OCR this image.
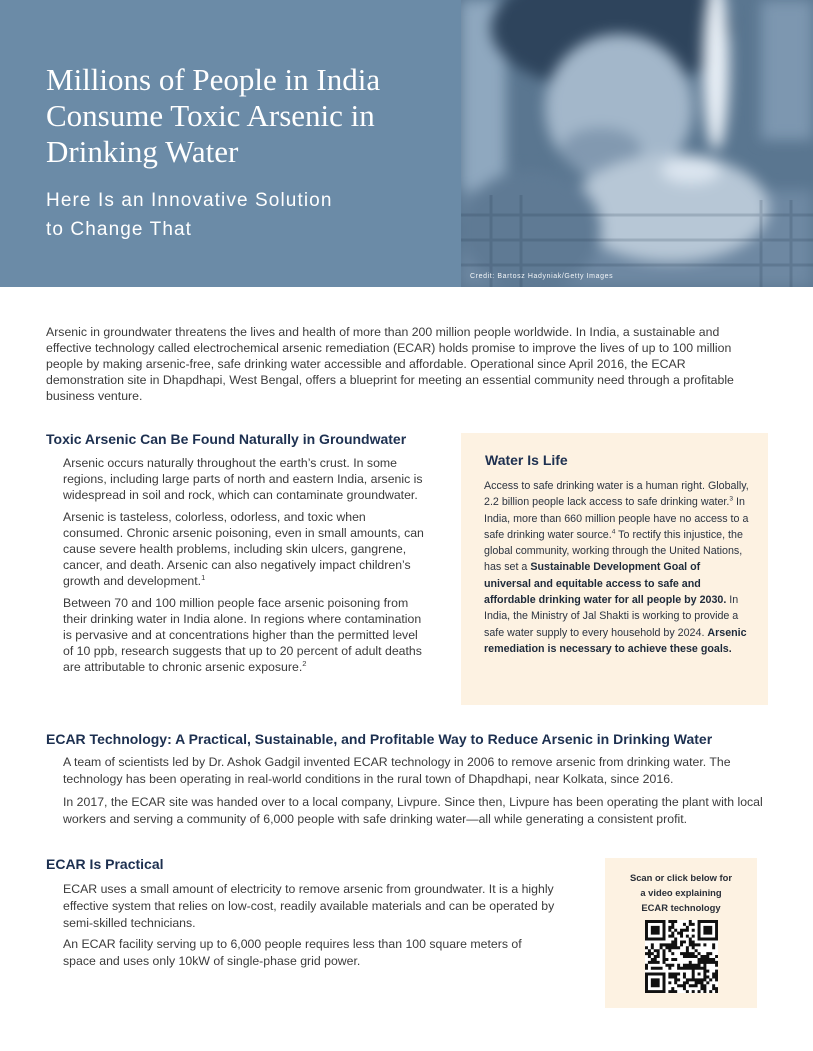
Millions of People in India
Consume Toxic Arsenic in
Drinking Water
Here Is an Innovative Solution
to Change That
Credit: Bartosz Hadyniak/Getty Images
Arsenic in groundwater threatens the lives and health of more than 200 million people worldwide. In India, a sustainable and effective technology called electrochemical arsenic remediation (ECAR) holds promise to improve the lives of up to 100 million people by making arsenic-free, safe drinking water accessible and affordable. Operational since April 2016, the ECAR demonstration site in Dhapdhapi, West Bengal, offers a blueprint for meeting an essential community need through a profitable business venture.
Toxic Arsenic Can Be Found Naturally in Groundwater

Arsenic occurs naturally throughout the earth’s crust. In some regions, including large parts of north and eastern India, arsenic is widespread in soil and rock, which can contaminate groundwater.

Arsenic is tasteless, colorless, odorless, and toxic when consumed. Chronic arsenic poisoning, even in small amounts, can cause severe health problems, including skin ulcers, gangrene, cancer, and death. Arsenic can also negatively impact children’s growth and development.$^1$

Between 70 and 100 million people face arsenic poisoning from their drinking water in India alone. In regions where contamination is pervasive and at concentrations higher than the permitted level of 10 ppb, research suggests that up to 20 percent of adult deaths are attributable to chronic arsenic exposure.$^2$

Water Is Life
Access to safe drinking water is a human right. Globally, 2.2 billion people lack access to safe drinking water.$^3$ In India, more than 660 million people have no access to a safe drinking water source.$^4$ To rectify this injustice, the global community, working through the United Nations, has set a Sustainable Development Goal of universal and equitable access to safe and affordable drinking water for all people by 2030. In India, the Ministry of Jal Shakti is working to provide a safe water supply to every household by 2024. Arsenic remediation is necessary to achieve these goals.
ECAR Technology: A Practical, Sustainable, and Profitable Way to Reduce Arsenic in Drinking Water

A team of scientists led by Dr. Ashok Gadgil invented ECAR technology in 2006 to remove arsenic from drinking water. The technology has been operating in real-world conditions in the rural town of Dhapdhapi, near Kolkata, since 2016.

In 2017, the ECAR site was handed over to a local company, Livpure. Since then, Livpure has been operating the plant with local workers and serving a community of 6,000 people with safe drinking water—all while generating a consistent profit.

ECAR Is Practical

ECAR uses a small amount of electricity to remove arsenic from groundwater. It is a highly effective system that relies on low-cost, readily available materials and can be operated by semi-skilled technicians.

An ECAR facility serving up to 6,000 people requires less than 100 square meters of space and uses only 10kW of single-phase grid power.

Scan or click below for
a video explaining
ECAR technology
